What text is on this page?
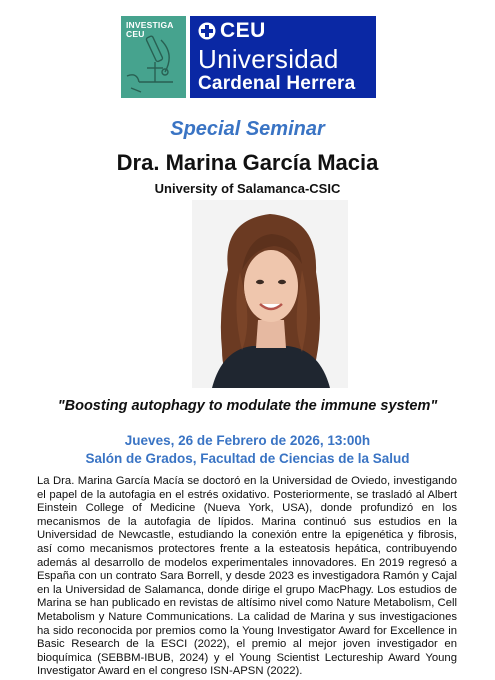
INVESTIGA
CEU	CEU
Universidad
Cardenal Herrera
Special Seminar
Dra. Marina García Macia
University of Salamanca-CSIC
"Boosting autophagy to modulate the immune system"
Jueves, 26 de Febrero de 2026, 13:00h
Salón de Grados, Facultad de Ciencias de la Salud
La Dra. Marina García Macía se doctoró en la Universidad de Oviedo, investigando el papel de la autofagia en el estrés oxidativo. Posteriormente, se trasladó al Albert Einstein College of Medicine (Nueva York, USA), donde profundizó en los mecanismos de la autofagia de lípidos. Marina continuó sus estudios en la Universidad de Newcastle, estudiando la conexión entre la epigenética y fibrosis, así como mecanismos protectores frente a la esteatosis hepática, contribuyendo además al desarrollo de modelos experimentales innovadores. En 2019 regresó a España con un contrato Sara Borrell, y desde 2023 es investigadora Ramón y Cajal en la Universidad de Salamanca, donde dirige el grupo MacPhagy. Los estudios de Marina se han publicado en revistas de altísimo nivel como Nature Metabolism, Cell Metabolism y Nature Communications. La calidad de Marina y sus investigaciones ha sido reconocida por premios como la Young Investigator Award for Excellence in Basic Research de la ESCI (2022), el premio al mejor joven investigador en bioquímica (SEBBM-IBUB, 2024) y el Young Scientist Lectureship Award Young Investigator Award en el congreso ISN-APSN (2022).
